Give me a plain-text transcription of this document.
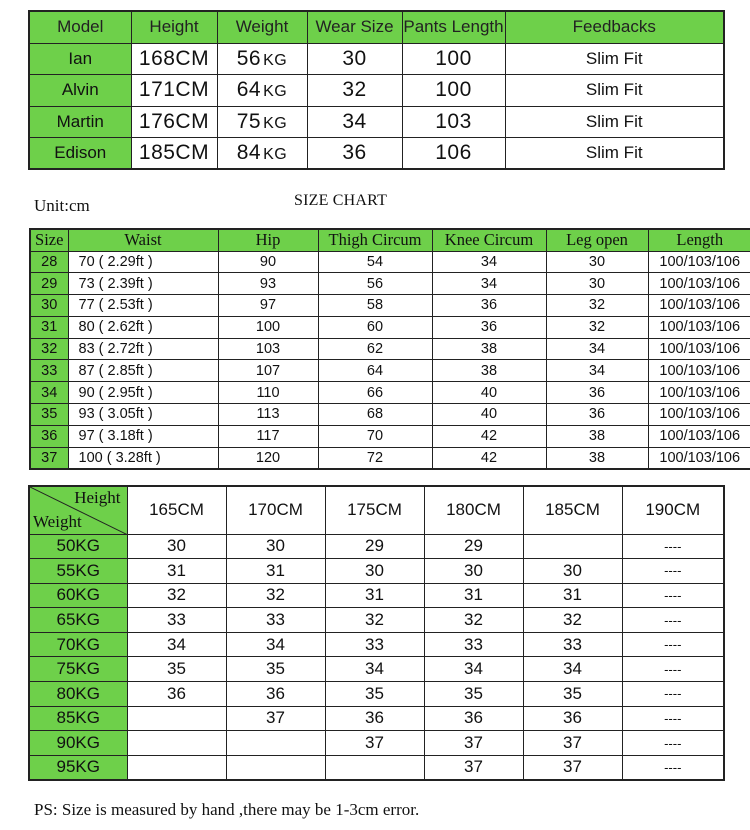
Model	Height	Weight	Wear Size	Pants Length	Feedbacks
Ian	168CM	56 KG	30	100	Slim Fit
Alvin	171CM	64 KG	32	100	Slim Fit
Martin	176CM	75 KG	34	103	Slim Fit
Edison	185CM	84 KG	36	106	Slim Fit
Unit:cm	SIZE CHART
Size	Waist	Hip	Thigh Circum	Knee Circum	Leg open	Length
28	70 ( 2.29ft )	90	54	34	30	100/103/106
29	73 ( 2.39ft )	93	56	34	30	100/103/106
30	77 ( 2.53ft )	97	58	36	32	100/103/106
31	80 ( 2.62ft )	100	60	36	32	100/103/106
32	83 ( 2.72ft )	103	62	38	34	100/103/106
33	87 ( 2.85ft )	107	64	38	34	100/103/106
34	90 ( 2.95ft )	110	66	40	36	100/103/106
35	93 ( 3.05ft )	113	68	40	36	100/103/106
36	97 ( 3.18ft )	117	70	42	38	100/103/106
37	100 ( 3.28ft )	120	72	42	38	100/103/106
Height
Weight	165CM	170CM	175CM	180CM	185CM	190CM
50KG	30	30	29	29		----
55KG	31	31	30	30	30	----
60KG	32	32	31	31	31	----
65KG	33	33	32	32	32	----
70KG	34	34	33	33	33	----
75KG	35	35	34	34	34	----
80KG	36	36	35	35	35	----
85KG		37	36	36	36	----
90KG			37	37	37	----
95KG				37	37	----
PS: Size is measured by hand ,there may be 1-3cm error.
